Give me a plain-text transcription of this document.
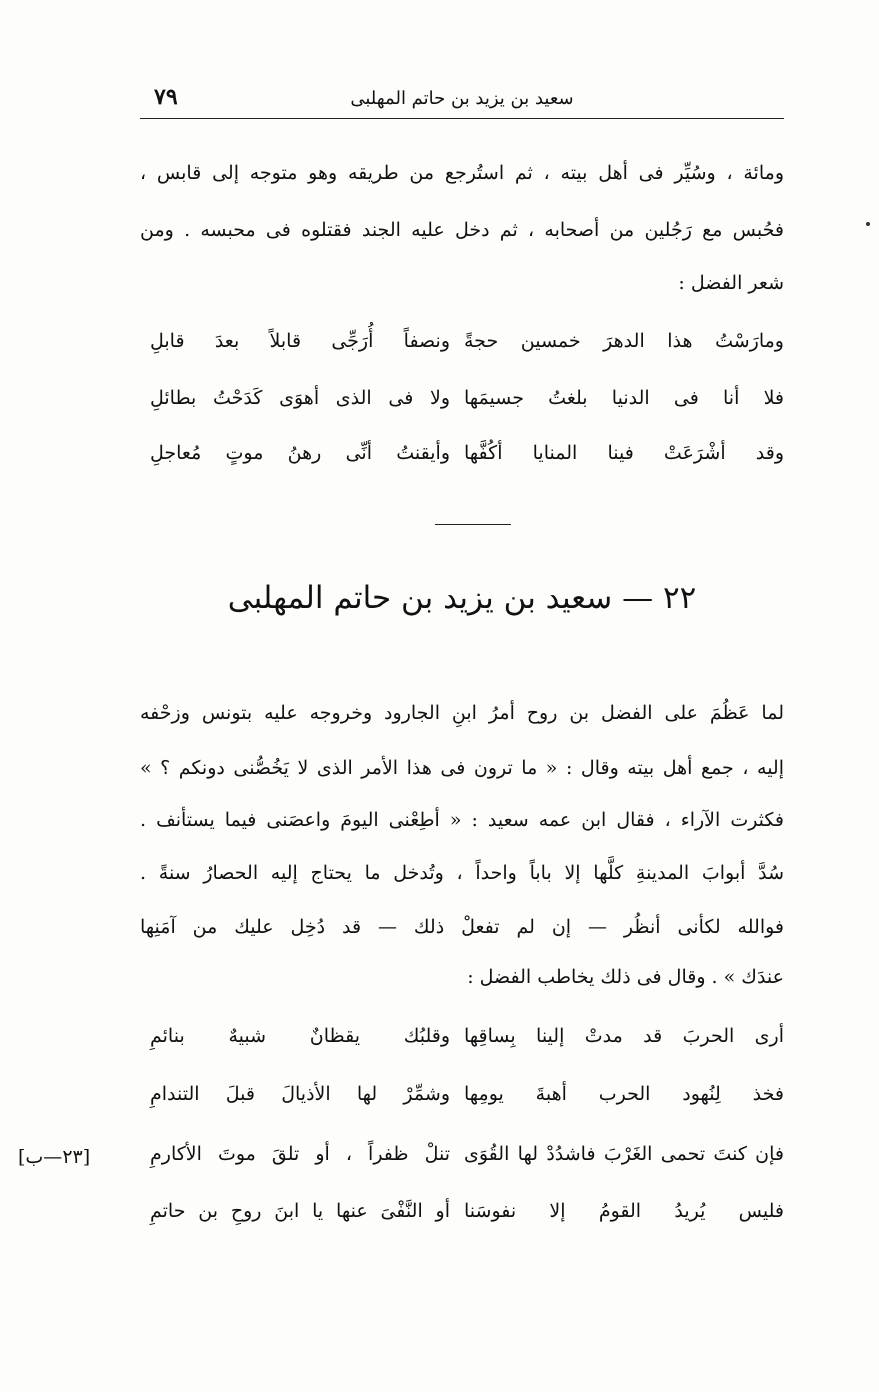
سعيد بن يزيد بن حاتم المهلبى
٧٩
ومائة ، وسُيِّر فى أهل بيته ، ثم استُرجع من طريقه وهو متوجه إلى قابس ،
فحُبس مع رَجُلين من أصحابه ، ثم دخل عليه الجند فقتلوه فى محبسه . ومن
شعر الفضل :
ومارَسْتُ هذا الدهرَ خمسين حجةً
ونصفاً أُرَجِّى قابلاً بعدَ قابلِ
فلا أنا فى الدنيا بلغتُ جسيمَها
ولا فى الذى أهوَى كَدَحْتُ بطائلِ
وقد أشْرَعَتْ فينا المنايا أكُفَّها
وأيقنتُ أنِّى رهنُ موتٍ مُعاجلِ
٢٢ — سعيد بن يزيد بن حاتم المهلبى
لما عَظُمَ على الفضل بن روح أمرُ ابنِ الجارود وخروجه عليه بتونس وزحْفه
إليه ، جمع أهل بيته وقال : « ما ترون فى هذا الأمر الذى لا يَخُصُّنى دونكم ؟ »
فكثرت الآراء ، فقال ابن عمه سعيد : « أطِعْنى اليومَ واعصَنى فيما يستأنف .
سُدَّ أبوابَ المدينةِ كلَّها إلا باباً واحداً ، وتُدخل ما يحتاج إليه الحصارُ سنةً .
فوالله لكأنى أنظُر — إن لم تفعلْ ذلك — قد دُخِل عليك من آمَنِها
عندَك » . وقال فى ذلك يخاطب الفضل :
أرى الحربَ قد مدتْ إلينا بِساقِها
وقلبُك يقظانٌ شبيهٌ بنائمِ
فخذ لِنُهود الحرب أهبةَ يومِها
وشمِّرْ لها الأذيالَ قبلَ التندامِ
فإن كنتَ تحمى الغَرْبَ فاشدُدْ لها القُوَى
تنلْ ظفراً ، أو تلقَ موتَ الأكارمِ
فليس يُريدُ القومُ إلا نفوسَنا
أو النَّفْىَ عنها يا ابنَ روحِ بن حاتمِ
[٢٣—ب]
